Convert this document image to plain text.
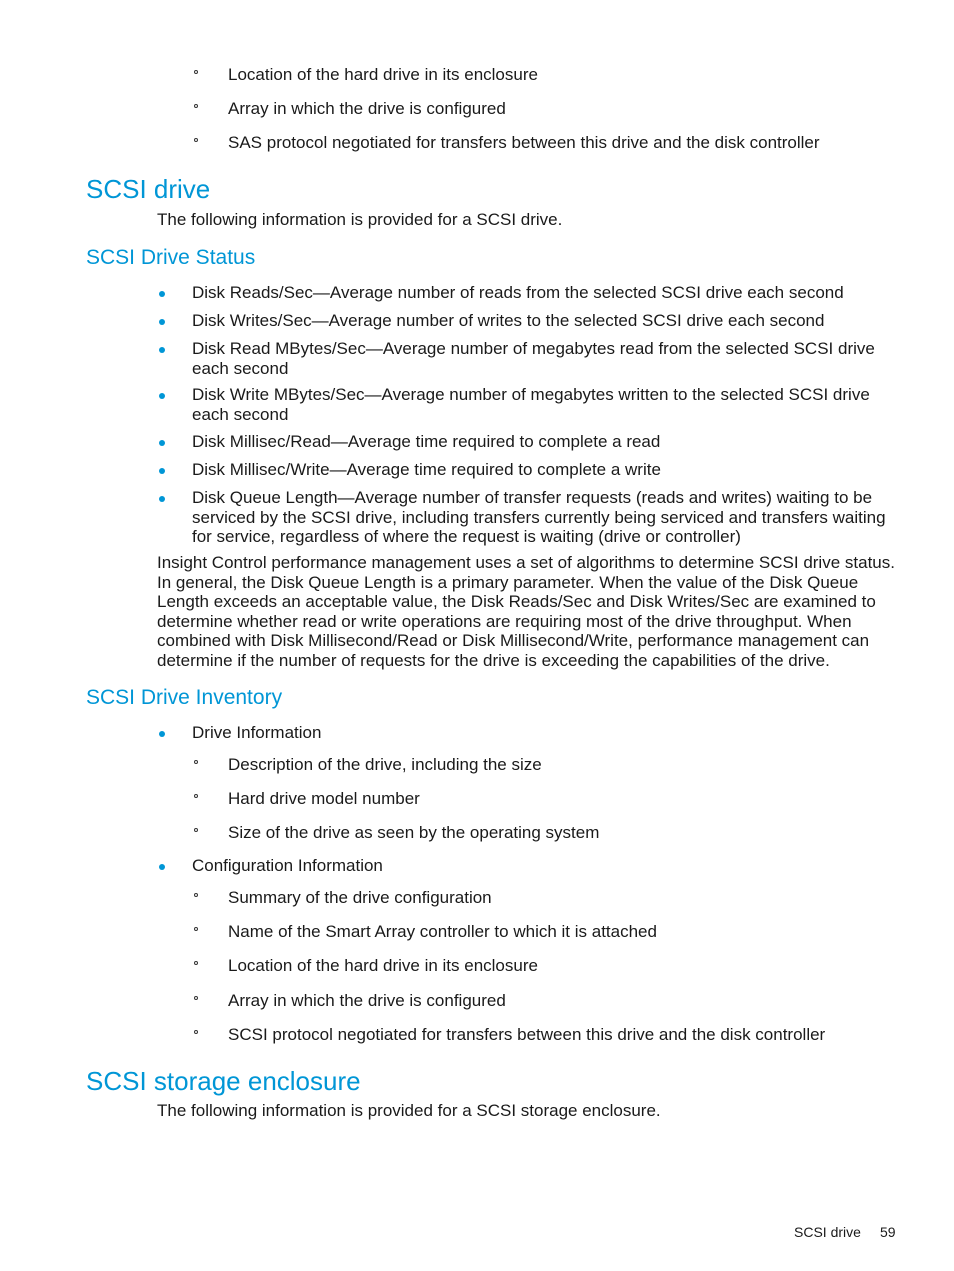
Location of the hard drive in its enclosure
Array in which the drive is configured
SAS protocol negotiated for transfers between this drive and the disk controller
SCSI drive
The following information is provided for a SCSI drive.
SCSI Drive Status
Disk Reads/Sec—Average number of reads from the selected SCSI drive each second
Disk Writes/Sec—Average number of writes to the selected SCSI drive each second
Disk Read MBytes/Sec—Average number of megabytes read from the selected SCSI drive each second
Disk Write MBytes/Sec—Average number of megabytes written to the selected SCSI drive each second
Disk Millisec/Read—Average time required to complete a read
Disk Millisec/Write—Average time required to complete a write
Disk Queue Length—Average number of transfer requests (reads and writes) waiting to be serviced by the SCSI drive, including transfers currently being serviced and transfers waiting for service, regardless of where the request is waiting (drive or controller)
Insight Control performance management uses a set of algorithms to determine SCSI drive status. In general, the Disk Queue Length is a primary parameter. When the value of the Disk Queue Length exceeds an acceptable value, the Disk Reads/Sec and Disk Writes/Sec are examined to determine whether read or write operations are requiring most of the drive throughput. When combined with Disk Millisecond/Read or Disk Millisecond/Write, performance management can determine if the number of requests for the drive is exceeding the capabilities of the drive.
SCSI Drive Inventory
Drive Information
Description of the drive, including the size
Hard drive model number
Size of the drive as seen by the operating system
Configuration Information
Summary of the drive configuration
Name of the Smart Array controller to which it is attached
Location of the hard drive in its enclosure
Array in which the drive is configured
SCSI protocol negotiated for transfers between this drive and the disk controller
SCSI storage enclosure
The following information is provided for a SCSI storage enclosure.
SCSI drive 59
